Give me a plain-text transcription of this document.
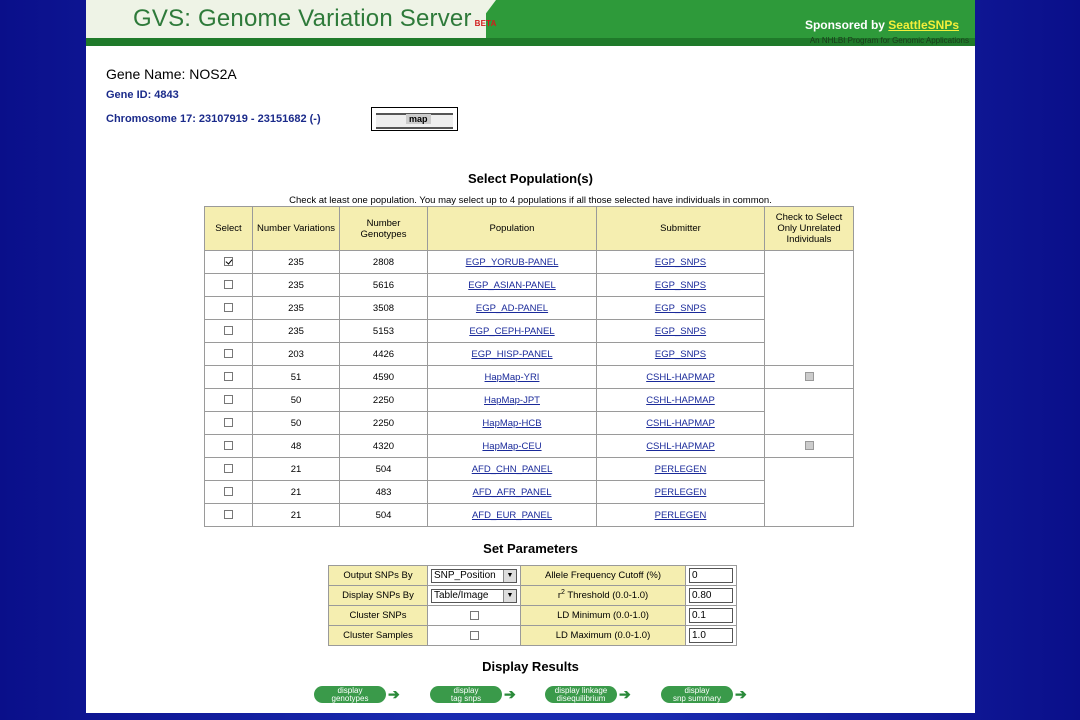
GVS: Genome Variation Server BETA	Sponsored by SeattleSNPs
An NHLBI Program for Genomic Applications
Gene Name: NOS2A
Gene ID: 4843
Chromosome 17: 23107919 - 23151682 (-)	map
Select Population(s)
Check at least one population. You may select up to 4 populations if all those selected have individuals in common.
Select	Number Variations	Number Genotypes	Population	Submitter	Check to Select Only Unrelated Individuals
	235	2808	EGP_YORUB-PANEL	EGP_SNPS	
	235	5616	EGP_ASIAN-PANEL	EGP_SNPS	
	235	3508	EGP_AD-PANEL	EGP_SNPS	
	235	5153	EGP_CEPH-PANEL	EGP_SNPS	
	203	4426	EGP_HISP-PANEL	EGP_SNPS	
	51	4590	HapMap-YRI	CSHL-HAPMAP	
	50	2250	HapMap-JPT	CSHL-HAPMAP	
	50	2250	HapMap-HCB	CSHL-HAPMAP	
	48	4320	HapMap-CEU	CSHL-HAPMAP	
	21	504	AFD_CHN_PANEL	PERLEGEN	
	21	483	AFD_AFR_PANEL	PERLEGEN	
	21	504	AFD_EUR_PANEL	PERLEGEN	
Set Parameters
Output SNPs By	SNP_Position ▼	Allele Frequency Cutoff (%)	0
Display SNPs By	Table/Image ▼	$r^2$ Threshold (0.0-1.0)	0.80
Cluster SNPs		LD Minimum (0.0-1.0)	0.1
Cluster Samples		LD Maximum (0.0-1.0)	1.0
Display Results
display
genotypes	➔	display
tag snps	➔	display linkage
disequilibrium ➔	display
snp summary	➔
